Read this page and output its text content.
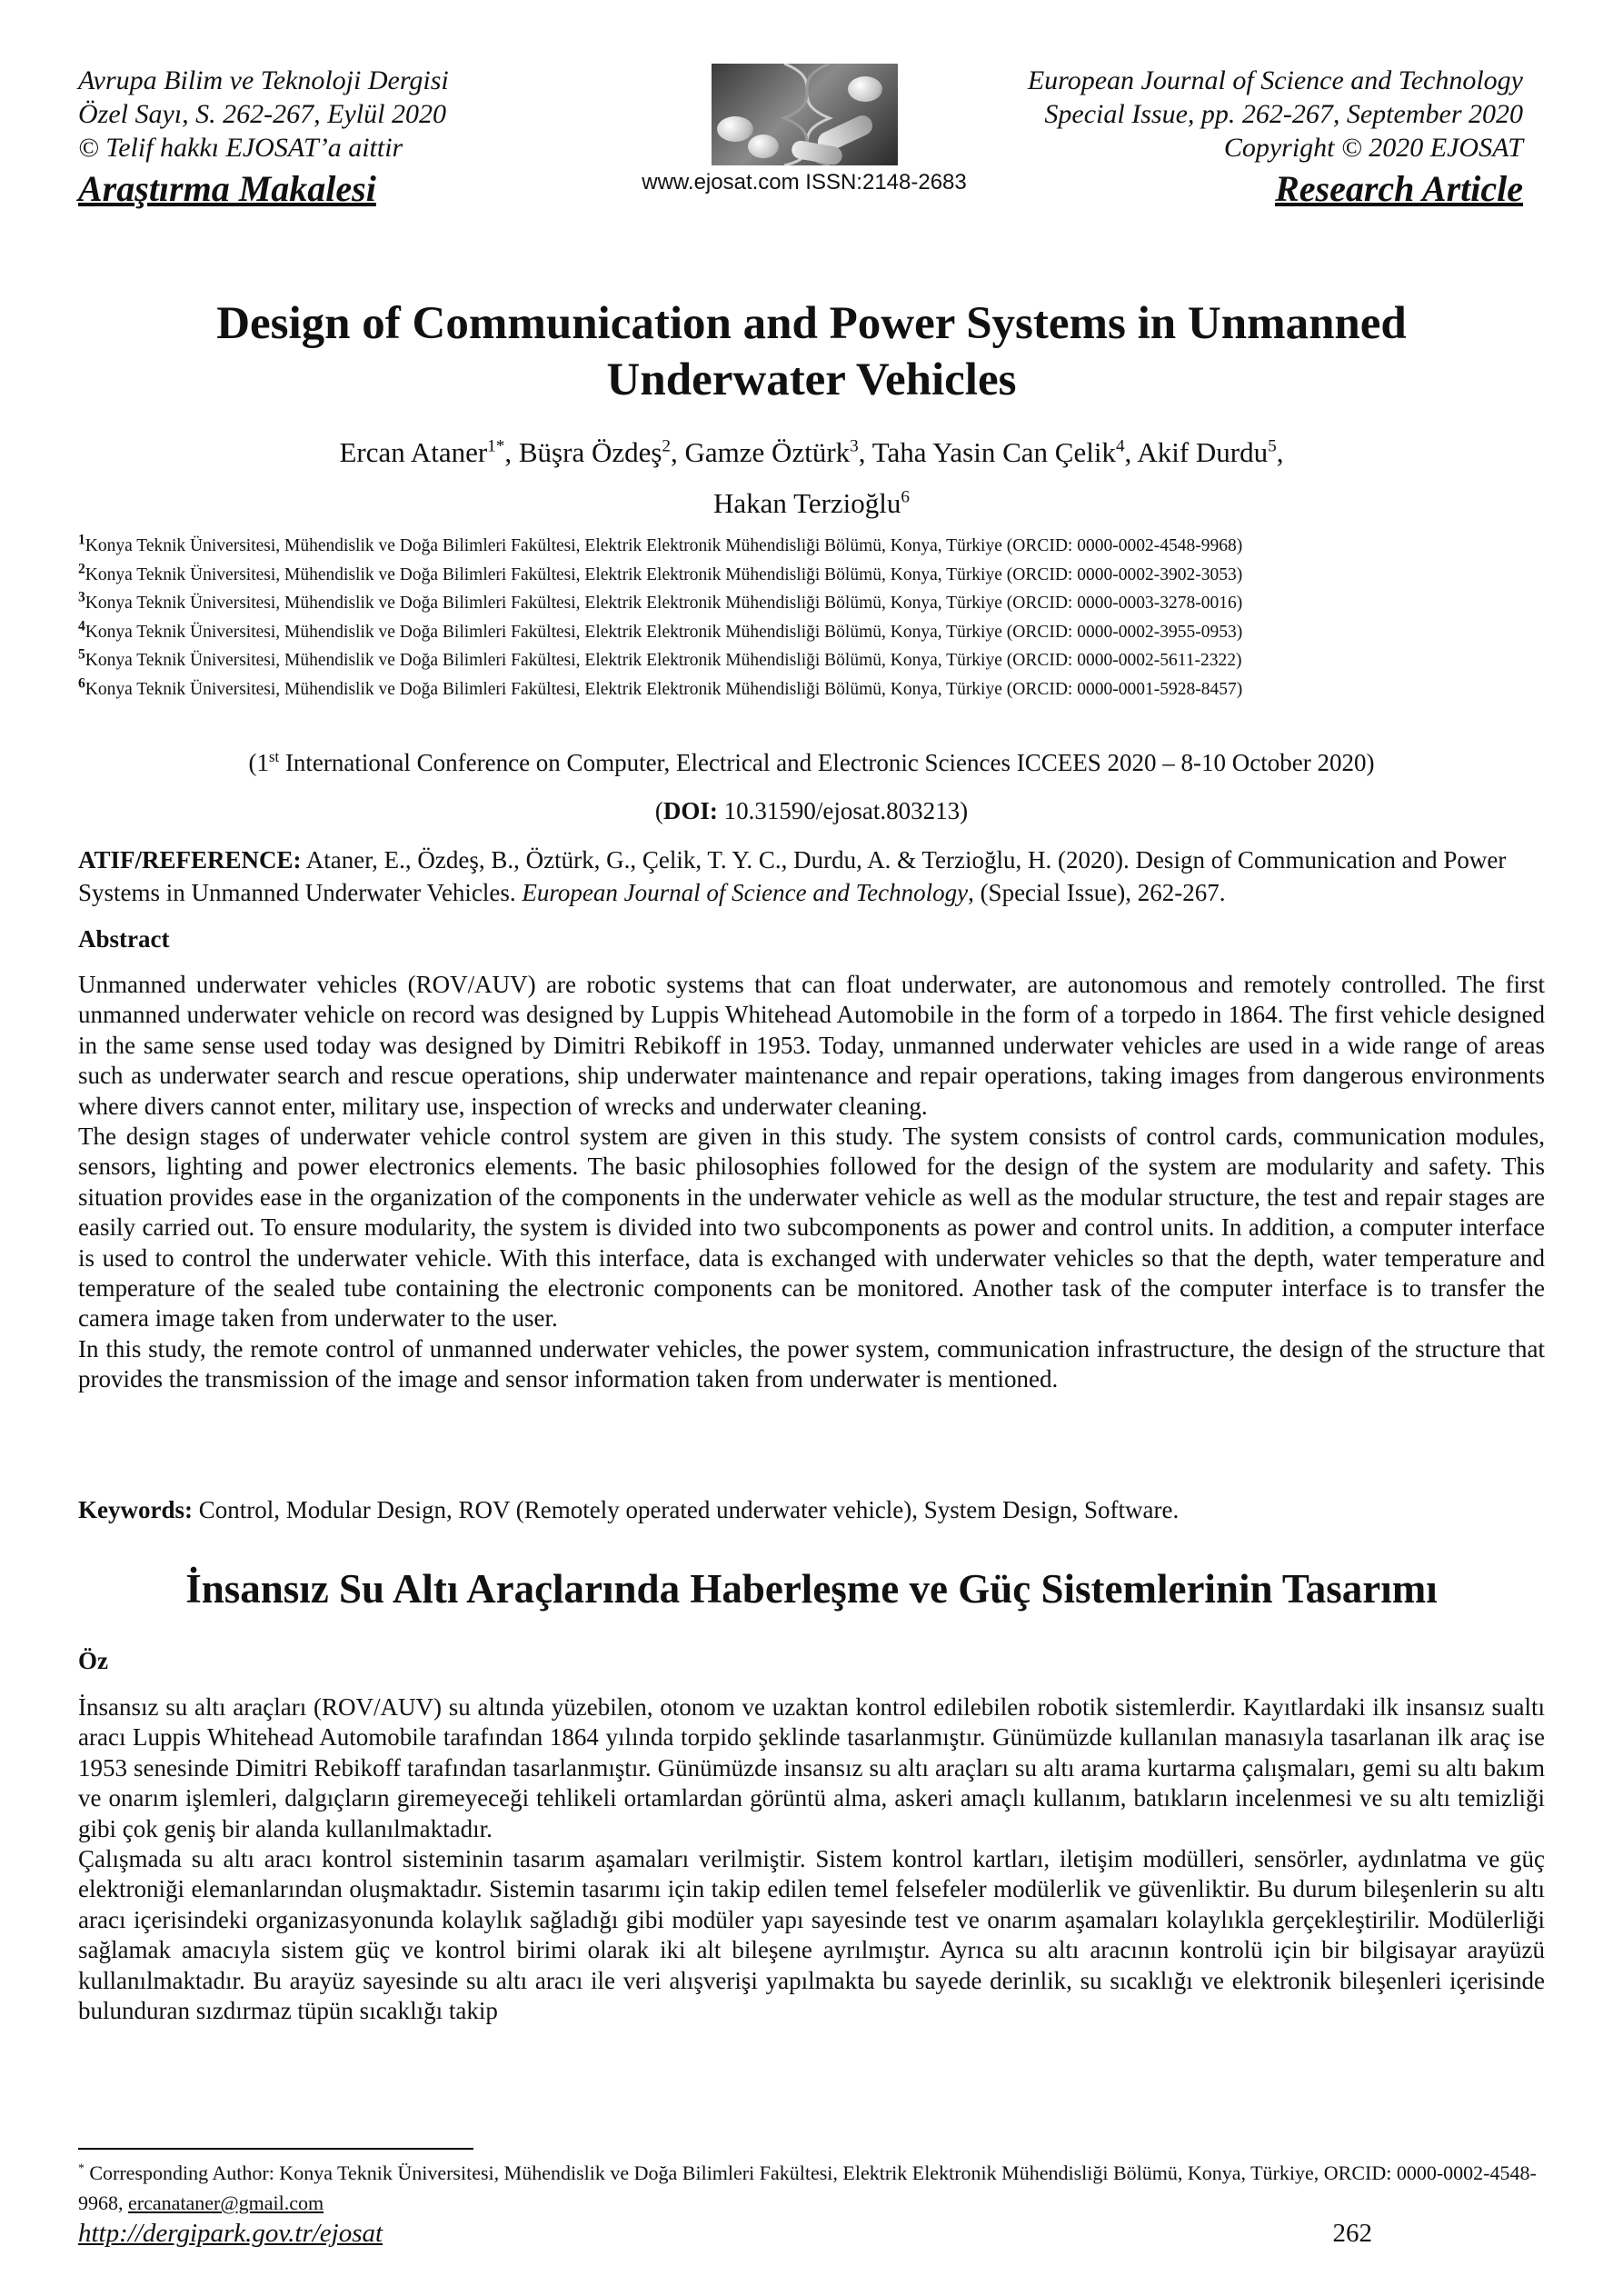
Avrupa Bilim ve Teknoloji Dergisi
Özel Sayı, S. 262-267, Eylül 2020
© Telif hakkı EJOSAT’a aittir
Araştırma Makalesi	www.ejosat.com ISSN:2148-2683
European Journal of Science and Technology
Special Issue, pp. 262-267, September 2020
Copyright © 2020 EJOSAT
Research Article
Design of Communication and Power Systems in Unmanned
Underwater Vehicles
Ercan Ataner$^{1*}$, Büşra Özdeş$^2$, Gamze Öztürk$^3$, Taha Yasin Can Çelik$^4$, Akif Durdu$^5$,
Hakan Terzioğlu$^6$
$^1$Konya Teknik Üniversitesi, Mühendislik ve Doğa Bilimleri Fakültesi, Elektrik Elektronik Mühendisliği Bölümü, Konya, Türkiye (ORCID: 0000-0002-4548-9968)
$^2$Konya Teknik Üniversitesi, Mühendislik ve Doğa Bilimleri Fakültesi, Elektrik Elektronik Mühendisliği Bölümü, Konya, Türkiye (ORCID: 0000-0002-3902-3053)
$^3$Konya Teknik Üniversitesi, Mühendislik ve Doğa Bilimleri Fakültesi, Elektrik Elektronik Mühendisliği Bölümü, Konya, Türkiye (ORCID: 0000-0003-3278-0016)
$^4$Konya Teknik Üniversitesi, Mühendislik ve Doğa Bilimleri Fakültesi, Elektrik Elektronik Mühendisliği Bölümü, Konya, Türkiye (ORCID: 0000-0002-3955-0953)
$^5$Konya Teknik Üniversitesi, Mühendislik ve Doğa Bilimleri Fakültesi, Elektrik Elektronik Mühendisliği Bölümü, Konya, Türkiye (ORCID: 0000-0002-5611-2322)
$^6$Konya Teknik Üniversitesi, Mühendislik ve Doğa Bilimleri Fakültesi, Elektrik Elektronik Mühendisliği Bölümü, Konya, Türkiye (ORCID: 0000-0001-5928-8457)
(1st International Conference on Computer, Electrical and Electronic Sciences ICCEES 2020 – 8-10 October 2020)
(DOI: 10.31590/ejosat.803213)
ATIF/REFERENCE: Ataner, E., Özdeş, B., Öztürk, G., Çelik, T. Y. C., Durdu, A. & Terzioğlu, H. (2020). Design of Communication and Power Systems in Unmanned Underwater Vehicles. European Journal of Science and Technology, (Special Issue), 262-267.
Abstract

Unmanned underwater vehicles (ROV/AUV) are robotic systems that can float underwater, are autonomous and remotely controlled. The first unmanned underwater vehicle on record was designed by Luppis Whitehead Automobile in the form of a torpedo in 1864. The first vehicle designed in the same sense used today was designed by Dimitri Rebikoff in 1953. Today, unmanned underwater vehicles are used in a wide range of areas such as underwater search and rescue operations, ship underwater maintenance and repair operations, taking images from dangerous environments where divers cannot enter, military use, inspection of wrecks and underwater cleaning.

The design stages of underwater vehicle control system are given in this study. The system consists of control cards, communication modules, sensors, lighting and power electronics elements. The basic philosophies followed for the design of the system are modularity and safety. This situation provides ease in the organization of the components in the underwater vehicle as well as the modular structure, the test and repair stages are easily carried out. To ensure modularity, the system is divided into two subcomponents as power and control units. In addition, a computer interface is used to control the underwater vehicle. With this interface, data is exchanged with underwater vehicles so that the depth, water temperature and temperature of the sealed tube containing the electronic components can be monitored. Another task of the computer interface is to transfer the camera image taken from underwater to the user.

In this study, the remote control of unmanned underwater vehicles, the power system, communication infrastructure, the design of the structure that provides the transmission of the image and sensor information taken from underwater is mentioned.

Keywords: Control, Modular Design, ROV (Remotely operated underwater vehicle), System Design, Software.
İnsansız Su Altı Araçlarında Haberleşme ve Güç Sistemlerinin Tasarımı
Öz

İnsansız su altı araçları (ROV/AUV) su altında yüzebilen, otonom ve uzaktan kontrol edilebilen robotik sistemlerdir. Kayıtlardaki ilk insansız sualtı aracı Luppis Whitehead Automobile tarafından 1864 yılında torpido şeklinde tasarlanmıştır. Günümüzde kullanılan manasıyla tasarlanan ilk araç ise 1953 senesinde Dimitri Rebikoff tarafından tasarlanmıştır. Günümüzde insansız su altı araçları su altı arama kurtarma çalışmaları, gemi su altı bakım ve onarım işlemleri, dalgıçların giremeyeceği tehlikeli ortamlardan görüntü alma, askeri amaçlı kullanım, batıkların incelenmesi ve su altı temizliği gibi çok geniş bir alanda kullanılmaktadır.

Çalışmada su altı aracı kontrol sisteminin tasarım aşamaları verilmiştir. Sistem kontrol kartları, iletişim modülleri, sensörler, aydınlatma ve güç elektroniği elemanlarından oluşmaktadır. Sistemin tasarımı için takip edilen temel felsefeler modülerlik ve güvenliktir. Bu durum bileşenlerin su altı aracı içerisindeki organizasyonunda kolaylık sağladığı gibi modüler yapı sayesinde test ve onarım aşamaları kolaylıkla gerçekleştirilir. Modülerliği sağlamak amacıyla sistem güç ve kontrol birimi olarak iki alt bileşene ayrılmıştır. Ayrıca su altı aracının kontrolü için bir bilgisayar arayüzü kullanılmaktadır. Bu arayüz sayesinde su altı aracı ile veri alışverişi yapılmakta bu sayede derinlik, su sıcaklığı ve elektronik bileşenleri içerisinde bulunduran sızdırmaz tüpün sıcaklığı takip

* Corresponding Author: Konya Teknik Üniversitesi, Mühendislik ve Doğa Bilimleri Fakültesi, Elektrik Elektronik Mühendisliği Bölümü, Konya, Türkiye, ORCID: 0000-0002-4548-9968, ercanataner@gmail.com
http://dergipark.gov.tr/ejosat	262
